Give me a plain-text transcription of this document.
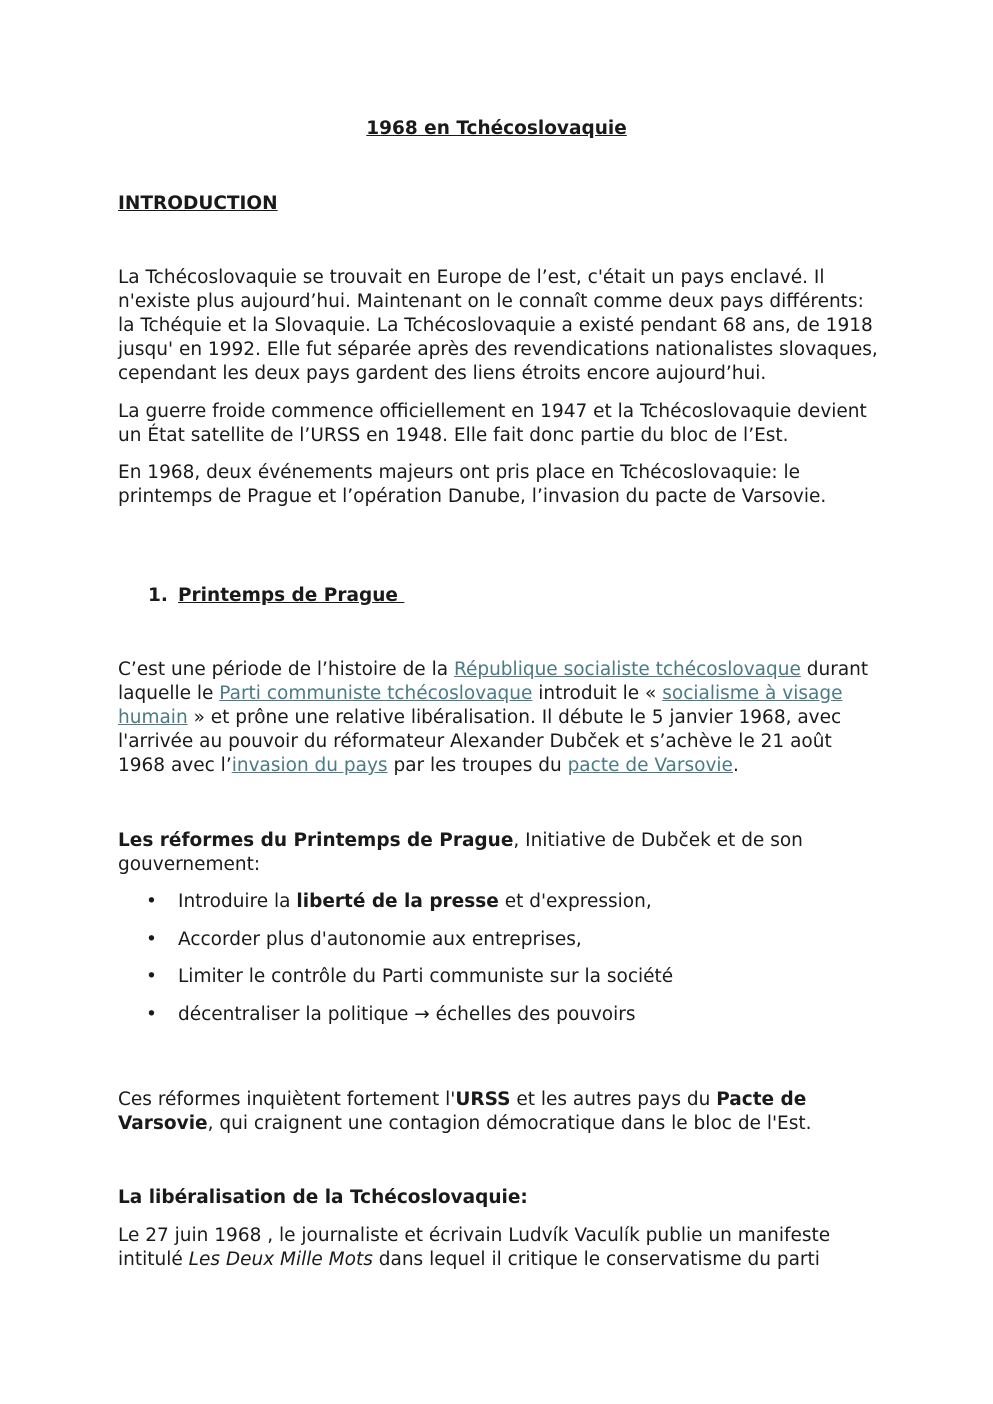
1968 en Tchécoslovaquie
INTRODUCTION

La Tchécoslovaquie se trouvait en Europe de l’est, c'était un pays enclavé. Il n'existe plus aujourd’hui. Maintenant on le connaît comme deux pays différents: la Tchéquie et la Slovaquie. La Tchécoslovaquie a existé pendant 68 ans, de 1918 jusqu' en 1992. Elle fut séparée après des revendications nationalistes slovaques, cependant les deux pays gardent des liens étroits encore aujourd’hui.

La guerre froide commence officiellement en 1947 et la Tchécoslovaquie devient un État satellite de l’URSS en 1948. Elle fait donc partie du bloc de l’Est.

En 1968, deux événements majeurs ont pris place en Tchécoslovaquie: le printemps de Prague et l’opération Danube, l’invasion du pacte de Varsovie.

1. Printemps de Prague

C’est une période de l’histoire de la République socialiste tchécoslovaque durant laquelle le Parti communiste tchécoslovaque introduit le « socialisme à visage humain » et prône une relative libéralisation. Il débute le 5 janvier 1968, avec l'arrivée au pouvoir du réformateur Alexander Dubček et s’achève le 21 août 1968 avec l’invasion du pays par les troupes du pacte de Varsovie.

Les réformes du Printemps de Prague, Initiative de Dubček et de son gouvernement:

• Introduire la liberté de la presse et d'expression,
• Accorder plus d'autonomie aux entreprises,
• Limiter le contrôle du Parti communiste sur la société
• décentraliser la politique → échelles des pouvoirs

Ces réformes inquiètent fortement l'URSS et les autres pays du Pacte de Varsovie, qui craignent une contagion démocratique dans le bloc de l'Est.

La libéralisation de la Tchécoslovaquie:

Le 27 juin 1968 , le journaliste et écrivain Ludvík Vaculík publie un manifeste intitulé Les Deux Mille Mots dans lequel il critique le conservatisme du parti
